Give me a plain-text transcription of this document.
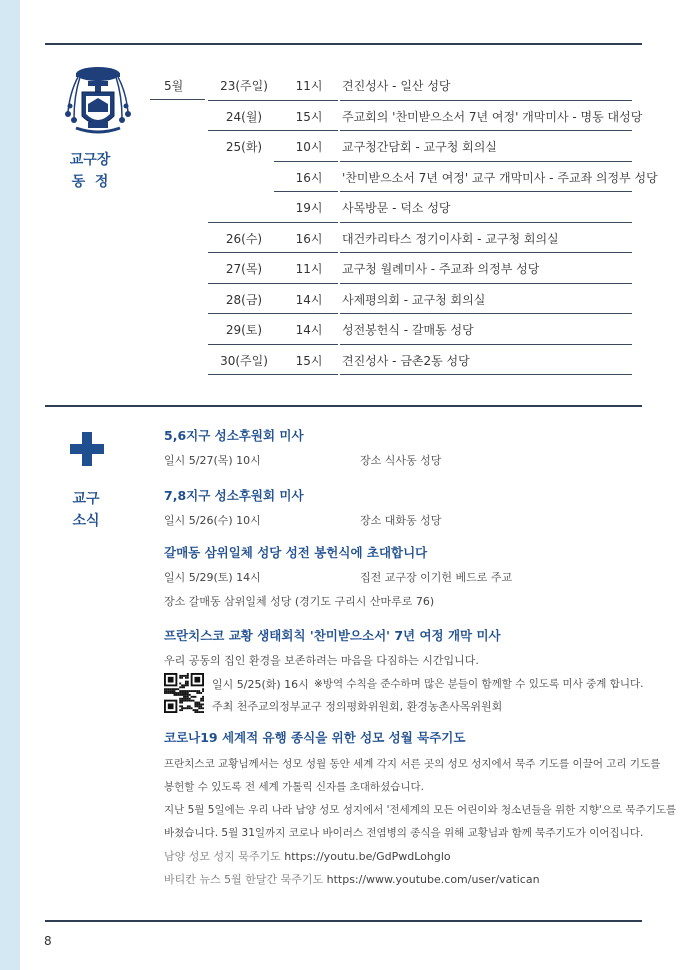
교구장
동  정
5월	23(주일)	11시	견진성사 - 일산 성당
24(월)	15시	주교회의 '찬미받으소서 7년 여정' 개막미사 - 명동 대성당
25(화)	10시	교구청간담회 - 교구청 회의실
16시	'찬미받으소서 7년 여정' 교구 개막미사 - 주교좌 의정부 성당
19시	사목방문 - 덕소 성당
26(수)	16시	대건카리타스 정기이사회 - 교구청 회의실
27(목)	11시	교구청 월례미사 - 주교좌 의정부 성당
28(금)	14시	사제평의회 - 교구청 회의실
29(토)	14시	성전봉헌식 - 갈매동 성당
30(주일)	15시	견진성사 - 금촌2동 성당
교구
소식

5,6지구 성소후원회 미사

일시 5/27(목) 10시	장소 식사동 성당

7,8지구 성소후원회 미사

일시 5/26(수) 10시	장소 대화동 성당

갈매동 삼위일체 성당 성전 봉헌식에 초대합니다

일시 5/29(토) 14시	집전 교구장 이기헌 베드로 주교
장소 갈매동 삼위일체 성당 (경기도 구리시 산마루로 76)

프란치스코 교황 생태회칙 '찬미받으소서' 7년 여정 개막 미사

우리 공동의 집인 환경을 보존하려는 마음을 다짐하는 시간입니다.
일시 5/25(화) 16시 ※방역 수칙을 준수하며 많은 분들이 함께할 수 있도록 미사 중계 합니다.
주최 천주교의정부교구 정의평화위원회, 환경농촌사목위원회

코로나19 세계적 유행 종식을 위한 성모 성월 묵주기도

프란치스코 교황님께서는 성모 성월 동안 세계 각지 서른 곳의 성모 성지에서 묵주 기도를 이끌어 고리 기도를
봉헌할 수 있도록 전 세계 가톨릭 신자를 초대하셨습니다.
지난 5월 5일에는 우리 나라 남양 성모 성지에서 '전세계의 모든 어린이와 청소년들을 위한 지향'으로 묵주기도를
바쳤습니다. 5월 31일까지 코로나 바이러스 전염병의 종식을 위해 교황님과 함께 묵주기도가 이어집니다.
남양 성모 성지 묵주기도 https://youtu.be/GdPwdLohglo
바티칸 뉴스 5월 한달간 묵주기도 https://www.youtube.com/user/vatican
8
